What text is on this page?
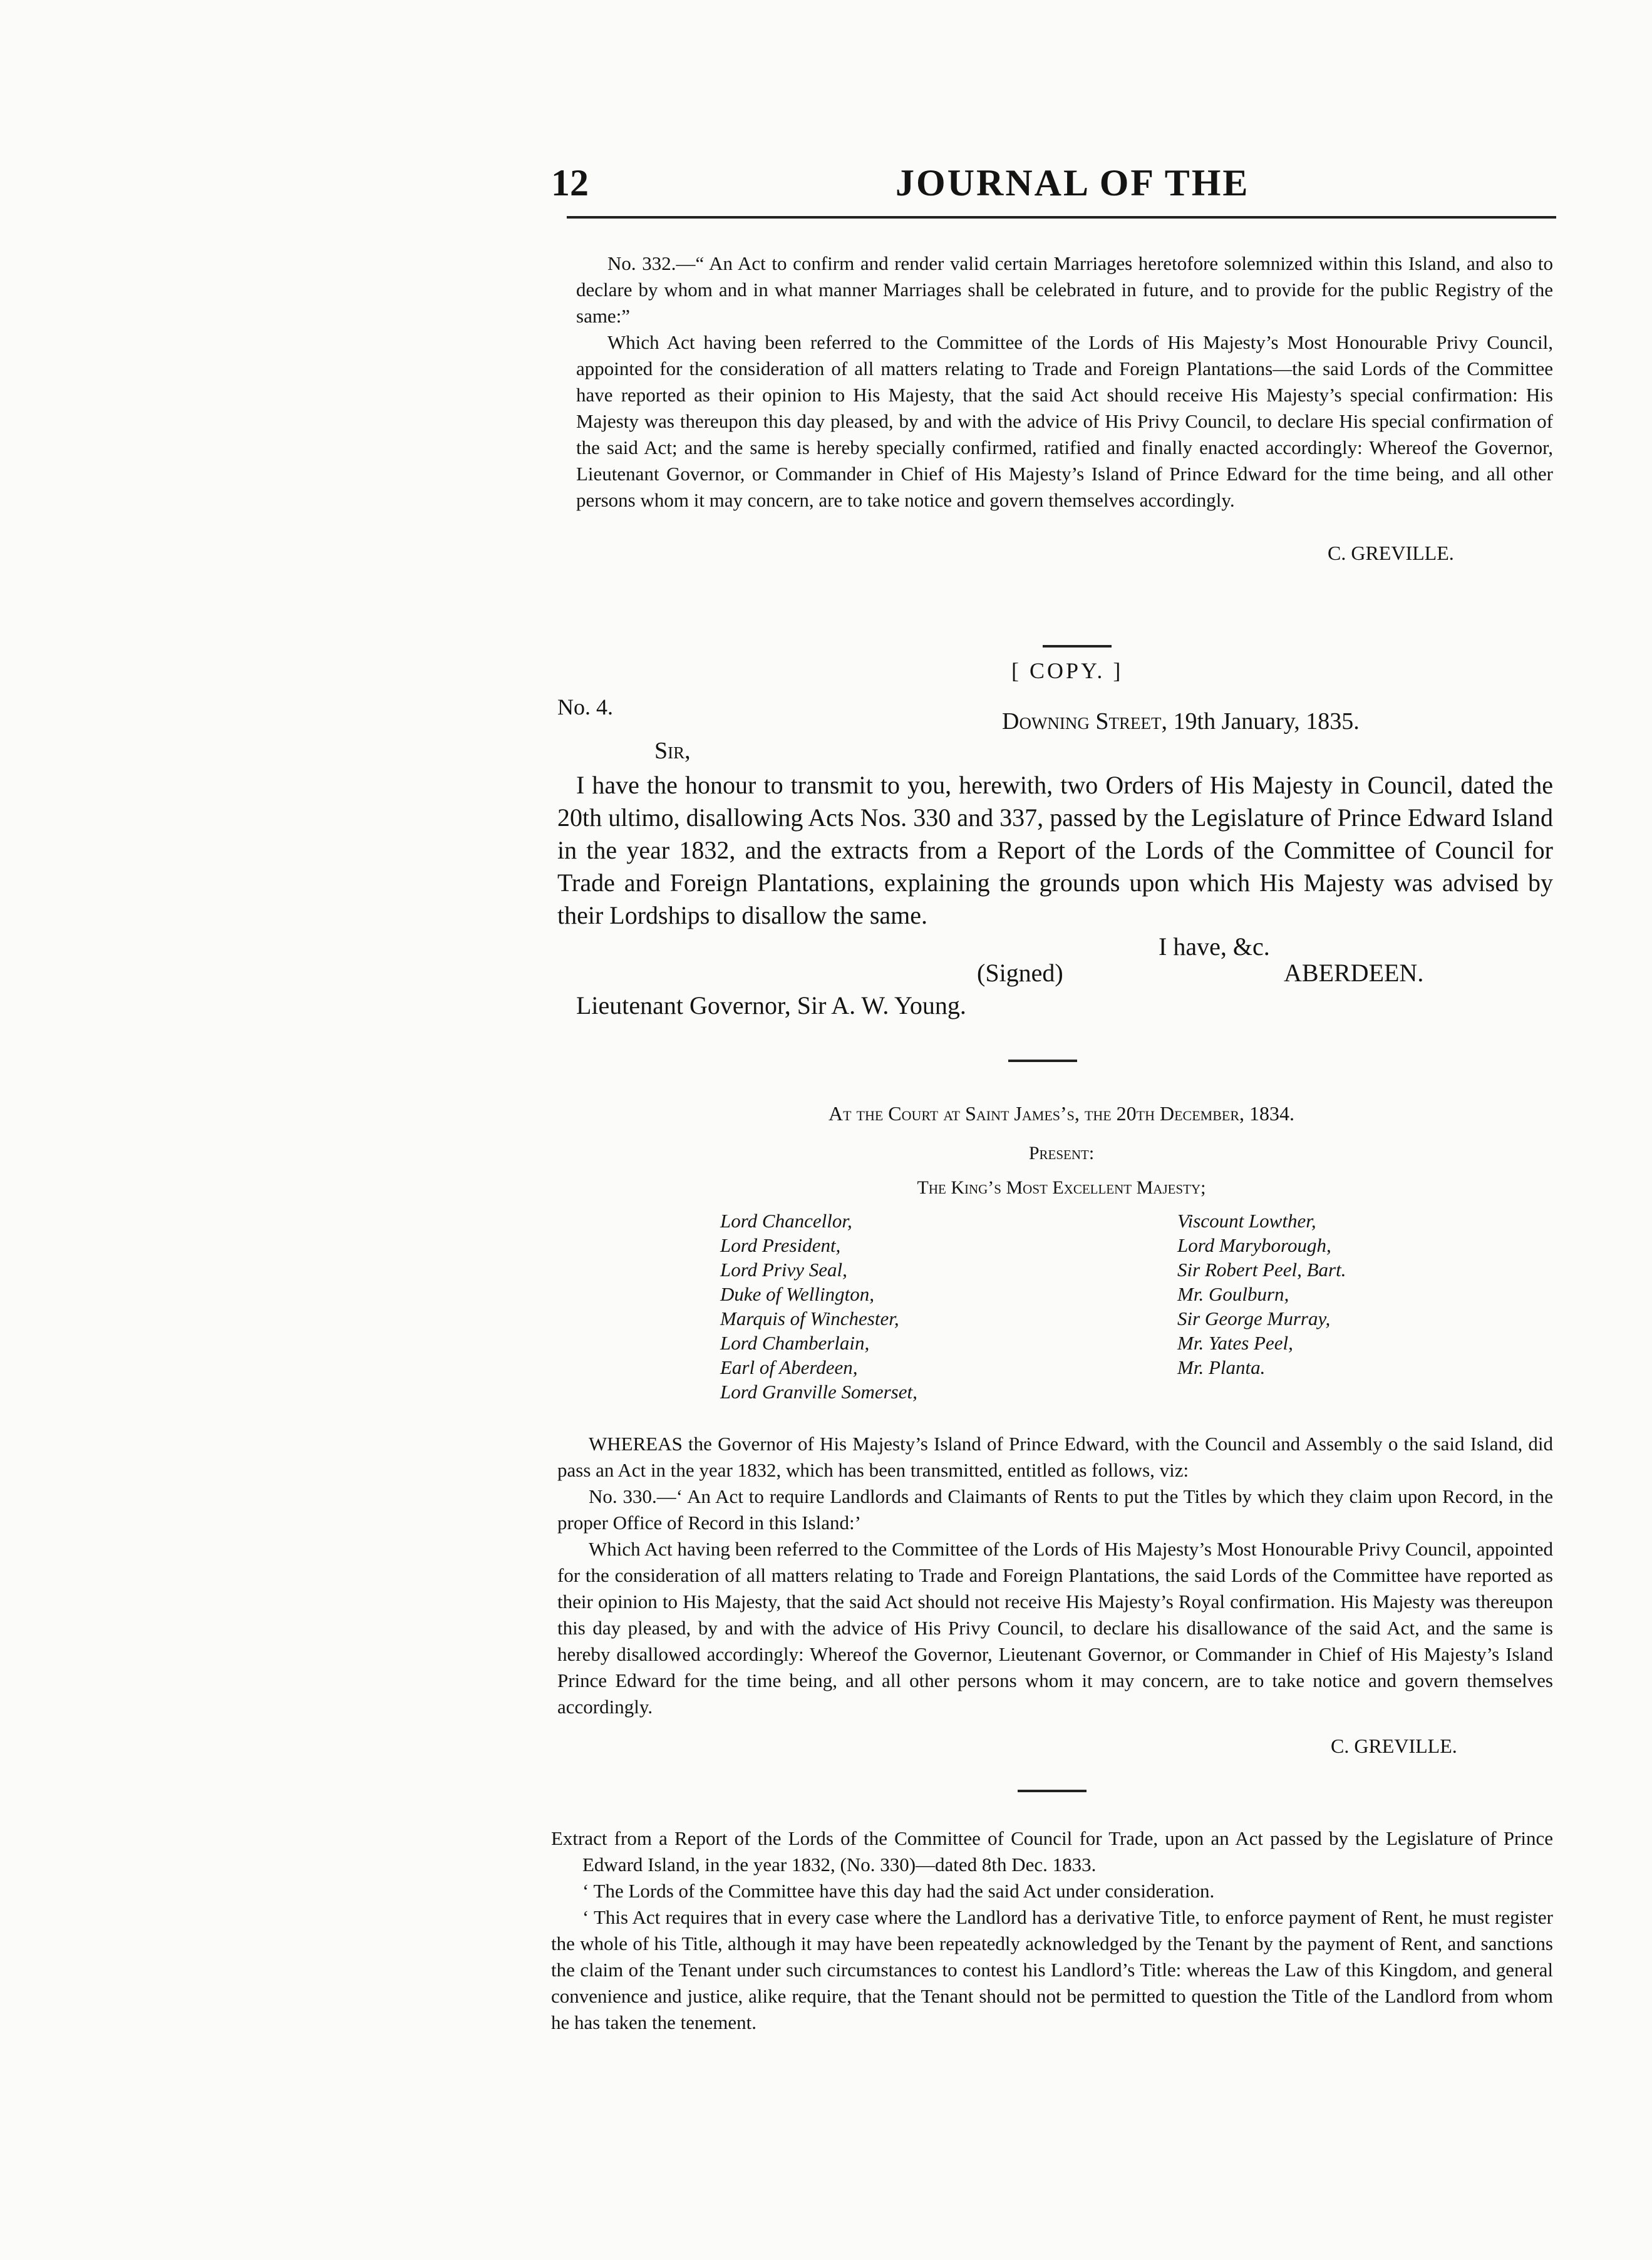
12	JOURNAL OF THE

No. 332.—“ An Act to confirm and render valid certain Marriages heretofore solemnized within this Island, and also to declare by whom and in what manner Marriages shall be celebrated in future, and to provide for the public Registry of the same:”

Which Act having been referred to the Committee of the Lords of His Majesty’s Most Honourable Privy Council, appointed for the consideration of all matters relating to Trade and Foreign Plantations—the said Lords of the Committee have reported as their opinion to His Majesty, that the said Act should receive His Majesty’s special confirmation: His Majesty was thereupon this day pleased, by and with the advice of His Privy Council, to declare His special confirmation of the said Act; and the same is hereby specially confirmed, ratified and finally enacted accordingly: Whereof the Governor, Lieutenant Governor, or Commander in Chief of His Majesty’s Island of Prince Edward for the time being, and all other persons whom it may concern, are to take notice and govern themselves accordingly.

C. GREVILLE.
[ COPY. ]
No. 4.
Downing Street, 19th January, 1835.
Sir,

I have the honour to transmit to you, herewith, two Orders of His Majesty in Council, dated the 20th ultimo, disallowing Acts Nos. 330 and 337, passed by the Legislature of Prince Edward Island in the year 1832, and the extracts from a Report of the Lords of the Committee of Council for Trade and Foreign Plantations, explaining the grounds upon which His Majesty was advised by their Lordships to disallow the same.

I have, &c.
(Signed)	ABERDEEN.
Lieutenant Governor, Sir A. W. Young.
At the Court at Saint James’s, the 20th December, 1834.
Present:
The King’s Most Excellent Majesty;
Lord Chancellor,
Lord President,
Lord Privy Seal,
Duke of Wellington,
Marquis of Winchester,
Lord Chamberlain,
Earl of Aberdeen,
Lord Granville Somerset,
Viscount Lowther,
Lord Maryborough,
Sir Robert Peel, Bart.
Mr. Goulburn,
Sir George Murray,
Mr. Yates Peel,
Mr. Planta.

WHEREAS the Governor of His Majesty’s Island of Prince Edward, with the Council and Assembly o the said Island, did pass an Act in the year 1832, which has been transmitted, entitled as follows, viz:

No. 330.—‘ An Act to require Landlords and Claimants of Rents to put the Titles by which they claim upon Record, in the proper Office of Record in this Island:’

Which Act having been referred to the Committee of the Lords of His Majesty’s Most Honourable Privy Council, appointed for the consideration of all matters relating to Trade and Foreign Plantations, the said Lords of the Committee have reported as their opinion to His Majesty, that the said Act should not receive His Majesty’s Royal confirmation. His Majesty was thereupon this day pleased, by and with the advice of His Privy Council, to declare his disallowance of the said Act, and the same is hereby disallowed accordingly: Whereof the Governor, Lieutenant Governor, or Commander in Chief of His Majesty’s Island Prince Edward for the time being, and all other persons whom it may concern, are to take notice and govern themselves accordingly.

C. GREVILLE.

Extract from a Report of the Lords of the Committee of Council for Trade, upon an Act passed by the Legislature of Prince Edward Island, in the year 1832, (No. 330)—dated 8th Dec. 1833.

‘ The Lords of the Committee have this day had the said Act under consideration.

‘ This Act requires that in every case where the Landlord has a derivative Title, to enforce payment of Rent, he must register the whole of his Title, although it may have been repeatedly acknowledged by the Tenant by the payment of Rent, and sanctions the claim of the Tenant under such circumstances to contest his Landlord’s Title: whereas the Law of this Kingdom, and general convenience and justice, alike require, that the Tenant should not be permitted to question the Title of the Landlord from whom he has taken the tenement.
